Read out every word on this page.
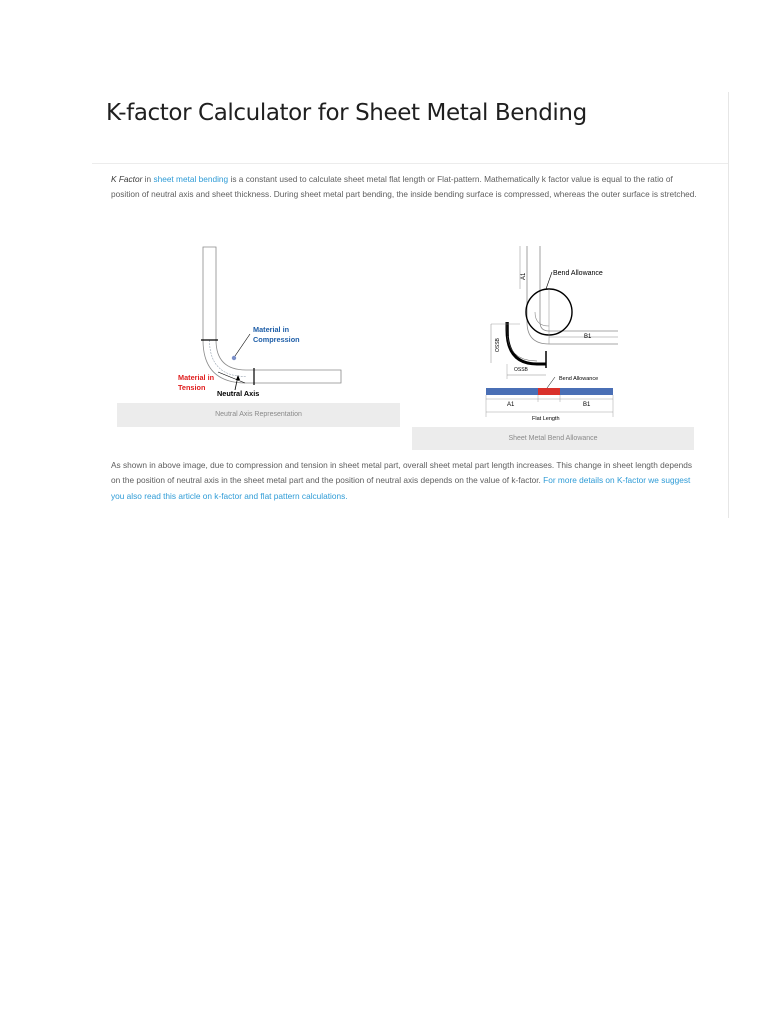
K-factor Calculator for Sheet Metal Bending

K Factor in sheet metal bending is a constant used to calculate sheet metal flat length or Flat-pattern. Mathematically k factor value is equal to the ratio of position of neutral axis and sheet thickness. During sheet metal part bending, the inside bending surface is compressed, whereas the outer surface is stretched.

Material in
Compression
Material in
Tension
Neutral Axis
Neutral Axis Representation
Bend Allowance
A1
B1
OSSB
OSSB
Bend Allowance
A1	B1
Flat Length
Sheet Metal Bend Allowance

As shown in above image, due to compression and tension in sheet metal part, overall sheet metal part length increases. This change in sheet length depends on the position of neutral axis in the sheet metal part and the position of neutral axis depends on the value of k-factor. For more details on K-factor we suggest you also read this article on k-factor and flat pattern calculations.
